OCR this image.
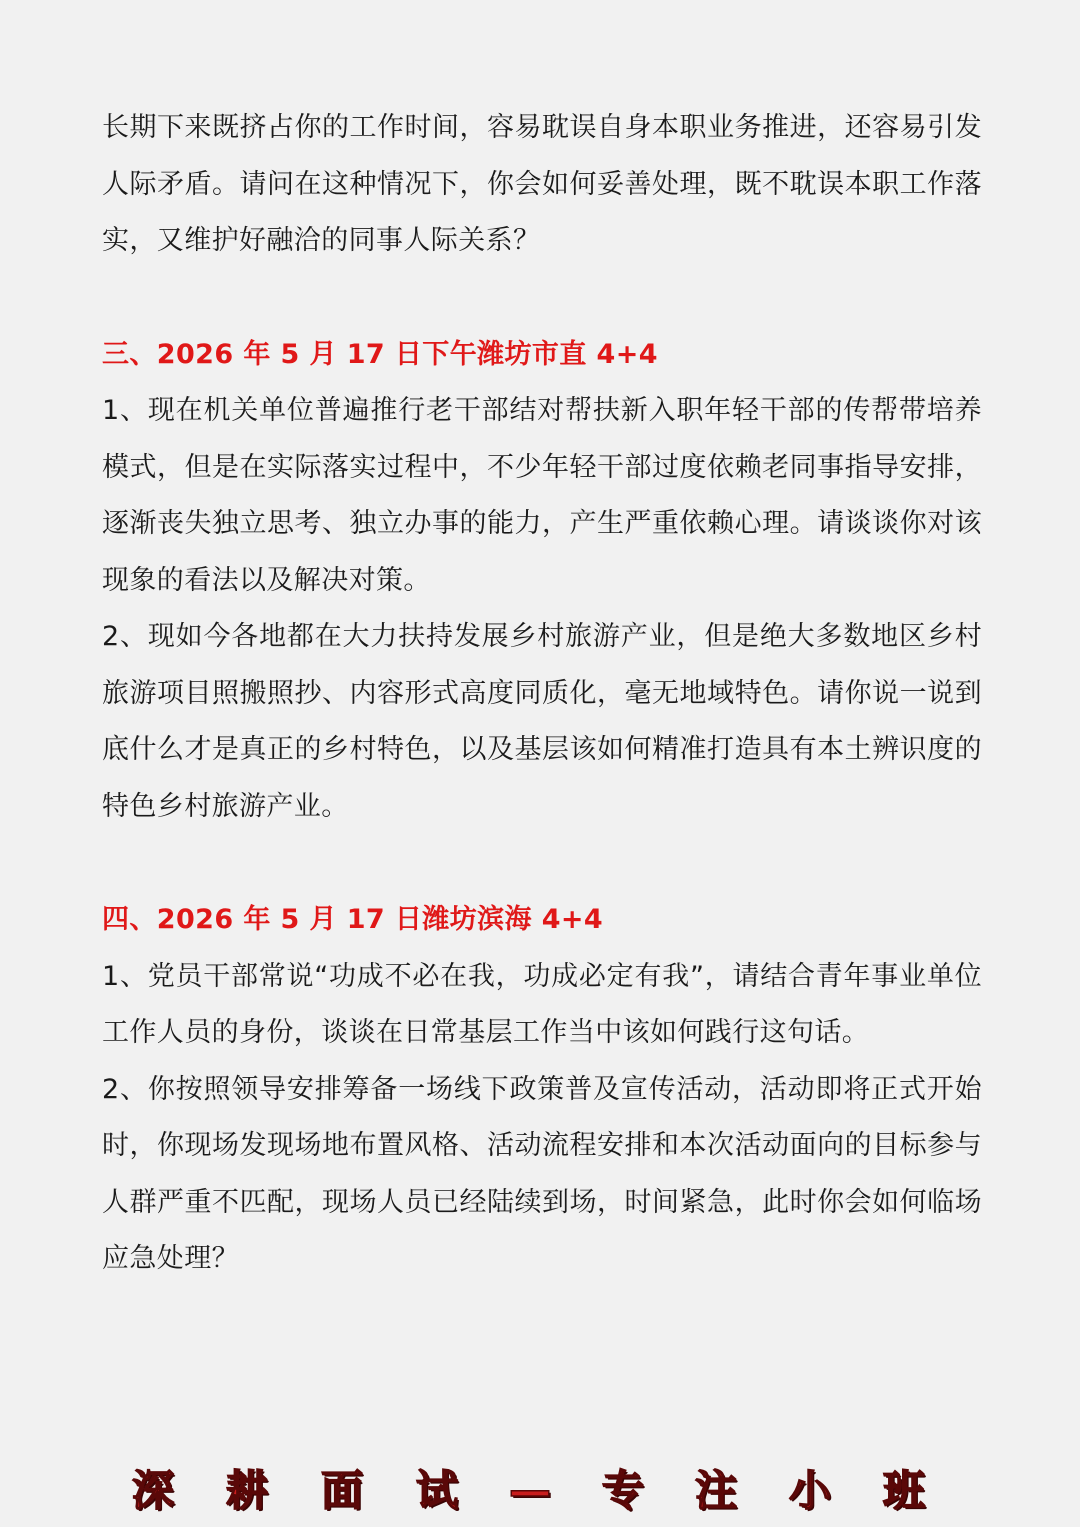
长期下来既挤占你的工作时间，容易耽误自身本职业务推进，还容易引发人际矛盾。请问在这种情况下，你会如何妥善处理，既不耽误本职工作落实，又维护好融洽的同事人际关系？

三、2026 年 5 月 17 日下午潍坊市直 4+4

1、现在机关单位普遍推行老干部结对帮扶新入职年轻干部的传帮带培养模式，但是在实际落实过程中，不少年轻干部过度依赖老同事指导安排，逐渐丧失独立思考、独立办事的能力，产生严重依赖心理。请谈谈你对该现象的看法以及解决对策。

2、现如今各地都在大力扶持发展乡村旅游产业，但是绝大多数地区乡村旅游项目照搬照抄、内容形式高度同质化，毫无地域特色。请你说一说到底什么才是真正的乡村特色，以及基层该如何精准打造具有本土辨识度的特色乡村旅游产业。

四、2026 年 5 月 17 日潍坊滨海 4+4

1、党员干部常说“功成不必在我，功成必定有我”，请结合青年事业单位工作人员的身份，谈谈在日常基层工作当中该如何践行这句话。

2、你按照领导安排筹备一场线下政策普及宣传活动，活动即将正式开始时，你现场发现场地布置风格、活动流程安排和本次活动面向的目标参与人群严重不匹配，现场人员已经陆续到场，时间紧急，此时你会如何临场应急处理？

深 耕 面 试 — 专 注 小 班
